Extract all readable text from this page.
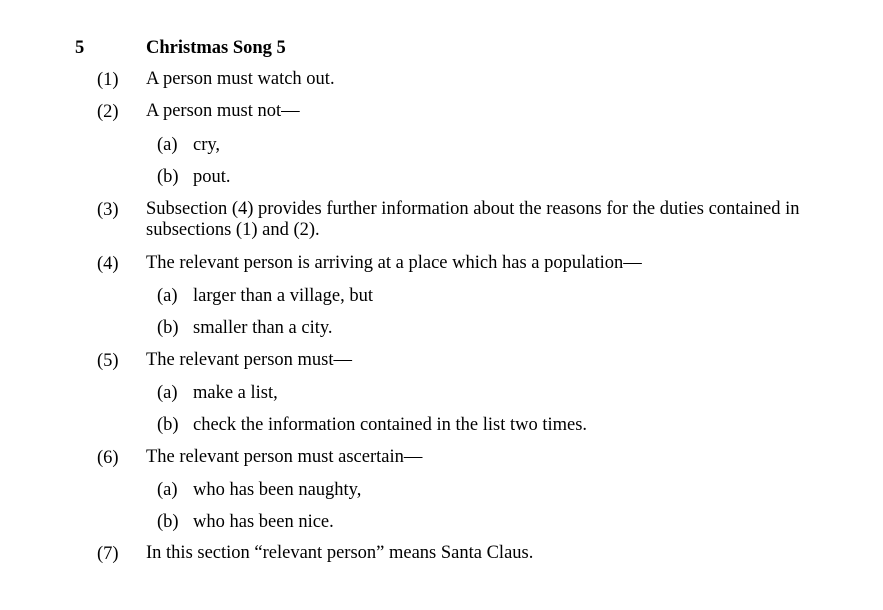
5	Christmas Song 5
(1) A person must watch out.
(2) A person must not—
(a) cry,
(b) pout.
(3) Subsection (4) provides further information about the reasons for the duties contained in subsections (1) and (2).
(4) The relevant person is arriving at a place which has a population—
(a) larger than a village, but
(b) smaller than a city.
(5) The relevant person must—
(a) make a list,
(b) check the information contained in the list two times.
(6) The relevant person must ascertain—
(a) who has been naughty,
(b) who has been nice.
(7) In this section “relevant person” means Santa Claus.
